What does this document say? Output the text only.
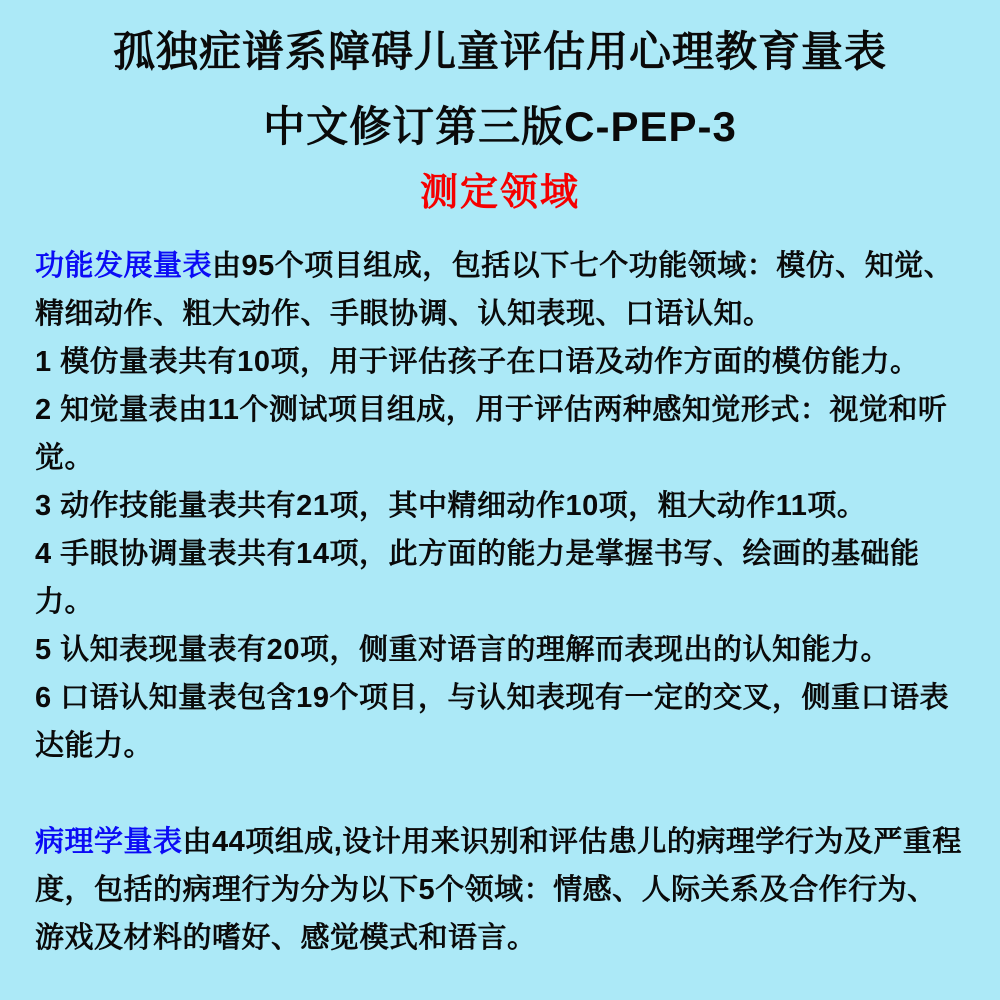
孤独症谱系障碍儿童评估用心理教育量表
中文修订第三版C-PEP-3
测定领域

功能发展量表由95个项目组成，包括以下七个功能领域：模仿、知觉、精细动作、粗大动作、手眼协调、认知表现、口语认知。

1 模仿量表共有10项，用于评估孩子在口语及动作方面的模仿能力。

2 知觉量表由11个测试项目组成，用于评估两种感知觉形式：视觉和听觉。

3 动作技能量表共有21项，其中精细动作10项，粗大动作11项。

4 手眼协调量表共有14项，此方面的能力是掌握书写、绘画的基础能力。

5 认知表现量表有20项，侧重对语言的理解而表现出的认知能力。

6 口语认知量表包含19个项目，与认知表现有一定的交叉，侧重口语表达能力。

病理学量表由44项组成,设计用来识别和评估患儿的病理学行为及严重程度，包括的病理行为分为以下5个领域：情感、人际关系及合作行为、游戏及材料的嗜好、感觉模式和语言。
